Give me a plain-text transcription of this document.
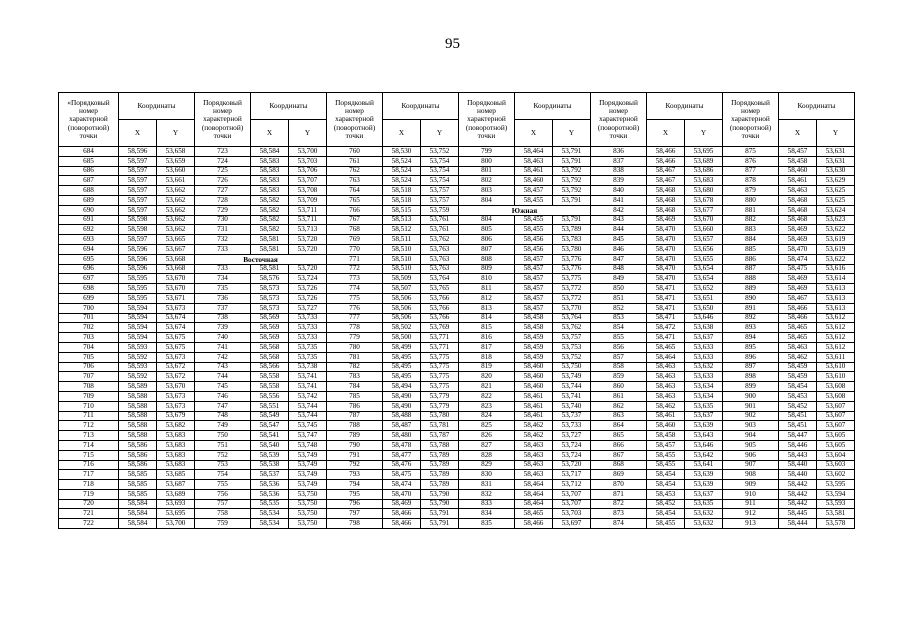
95
«Порядковый номер характерной (поворотной) точки	Координаты		Порядковый номер характерной (поворотной) точки	Координаты		Порядковый номер характерной (поворотной) точки	Координаты		Порядковый номер характерной (поворотной) точки	Координаты		Порядковый номер характерной (поворотной) точки	Координаты		Порядковый номер характерной (поворотной) точки	Координаты	
	X	Y		X	Y		X	Y		X	Y		X	Y		X	Y
684	58,596	53,658	723	58,584	53,700	760	58,530	53,752	799	58,464	53,791	836	58,466	53,695	875	58,457	53,631
685	58,597	53,659	724	58,583	53,703	761	58,524	53,754	800	58,463	53,791	837	58,466	53,689	876	58,458	53,631
686	58,597	53,660	725	58,583	53,706	762	58,524	53,754	801	58,461	53,792	838	58,467	53,686	877	58,460	53,630
687	58,597	53,661	726	58,583	53,707	763	58,524	53,754	802	58,460	53,792	839	58,467	53,683	878	58,461	53,629
688	58,597	53,662	727	58,583	53,708	764	58,518	53,757	803	58,457	53,792	840	58,468	53,680	879	58,463	53,625
689	58,597	53,662	728	58,582	53,709	765	58,518	53,757	804	58,455	53,791	841	58,468	53,678	880	58,468	53,625
690	58,597	53,662	729	58,582	53,711	766	58,515	53,759	Южная			842	58,468	53,677	881	58,468	53,624
691	58,598	53,662	730	58,582	53,711	767	58,513	53,761	804	58,455	53,791	843	58,469	53,670	882	58,468	53,623
692	58,598	53,662	731	58,582	53,713	768	58,512	53,761	805	58,455	53,789	844	58,470	53,660	883	58,469	53,622
693	58,597	53,665	732	58,581	53,720	769	58,511	53,762	806	58,456	53,783	845	58,470	53,657	884	58,469	53,619
694	58,596	53,667	733	58,581	53,720	770	58,510	53,763	807	58,456	53,780	846	58,470	53,656	885	58,470	53,619
695	58,596	53,668	Восточная			771	58,510	53,763	808	58,457	53,776	847	58,470	53,655	886	58,474	53,622
696	58,596	53,668	733	58,581	53,720	772	58,510	53,763	809	58,457	53,776	848	58,470	53,654	887	58,475	53,616
697	58,595	53,670	734	58,576	53,724	773	58,509	53,764	810	58,457	53,775	849	58,470	53,654	888	58,469	53,614
698	58,595	53,670	735	58,573	53,726	774	58,507	53,765	811	58,457	53,772	850	58,471	53,652	889	58,469	53,613
699	58,595	53,671	736	58,573	53,726	775	58,506	53,766	812	58,457	53,772	851	58,471	53,651	890	58,467	53,613
700	58,594	53,673	737	58,573	53,727	776	58,506	53,766	813	58,457	53,770	852	58,471	53,650	891	58,466	53,613
701	58,594	53,674	738	58,569	53,733	777	58,506	53,766	814	58,458	53,764	853	58,471	53,646	892	58,466	53,612
702	58,594	53,674	739	58,569	53,733	778	58,502	53,769	815	58,458	53,762	854	58,472	53,638	893	58,465	53,612
703	58,594	53,675	740	58,569	53,733	779	58,500	53,771	816	58,459	53,757	855	58,471	53,637	894	58,465	53,612
704	58,593	53,675	741	58,568	53,735	780	58,499	53,771	817	58,459	53,753	856	58,465	53,633	895	58,463	53,612
705	58,592	53,673	742	58,568	53,735	781	58,495	53,775	818	58,459	53,752	857	58,464	53,633	896	58,462	53,611
706	58,593	53,672	743	58,566	53,738	782	58,495	53,775	819	58,460	53,750	858	58,463	53,632	897	58,459	53,610
707	58,592	53,672	744	58,558	53,741	783	58,495	53,775	820	58,460	53,749	859	58,463	53,633	898	58,459	53,610
708	58,589	53,670	745	58,558	53,741	784	58,494	53,775	821	58,460	53,744	860	58,463	53,634	899	58,454	53,608
709	58,588	53,673	746	58,556	53,742	785	58,490	53,779	822	58,461	53,741	861	58,463	53,634	900	58,453	53,608
710	58,588	53,673	747	58,551	53,744	786	58,490	53,779	823	58,461	53,740	862	58,462	53,635	901	58,452	53,607
711	58,588	53,679	748	58,549	53,744	787	58,488	53,780	824	58,461	53,737	863	58,461	53,637	902	58,451	53,607
712	58,588	53,682	749	58,547	53,745	788	58,487	53,781	825	58,462	53,733	864	58,460	53,639	903	58,451	53,607
713	58,588	53,683	750	58,541	53,747	789	58,480	53,787	826	58,462	53,727	865	58,458	53,643	904	58,447	53,605
714	58,586	53,683	751	58,540	53,748	790	58,478	53,788	827	58,463	53,724	866	58,457	53,646	905	58,446	53,605
715	58,586	53,683	752	58,539	53,749	791	58,477	53,789	828	58,463	53,724	867	58,455	53,642	906	58,443	53,604
716	58,586	53,683	753	58,538	53,749	792	58,476	53,789	829	58,463	53,720	868	58,455	53,641	907	58,440	53,603
717	58,585	53,685	754	58,537	53,749	793	58,475	53,789	830	58,463	53,717	869	58,454	53,639	908	58,440	53,602
718	58,585	53,687	755	58,536	53,749	794	58,474	53,789	831	58,464	53,712	870	58,454	53,639	909	58,442	53,595
719	58,585	53,689	756	58,536	53,750	795	58,470	53,790	832	58,464	53,707	871	58,453	53,637	910	58,442	53,594
720	58,584	53,693	757	58,535	53,750	796	58,469	53,790	833	58,464	53,707	872	58,452	53,635	911	58,442	53,593
721	58,584	53,695	758	58,534	53,750	797	58,466	53,791	834	58,465	53,703	873	58,454	53,632	912	58,445	53,581
722	58,584	53,700	759	58,534	53,750	798	58,466	53,791	835	58,466	53,697	874	58,455	53,632	913	58,444	53,578
